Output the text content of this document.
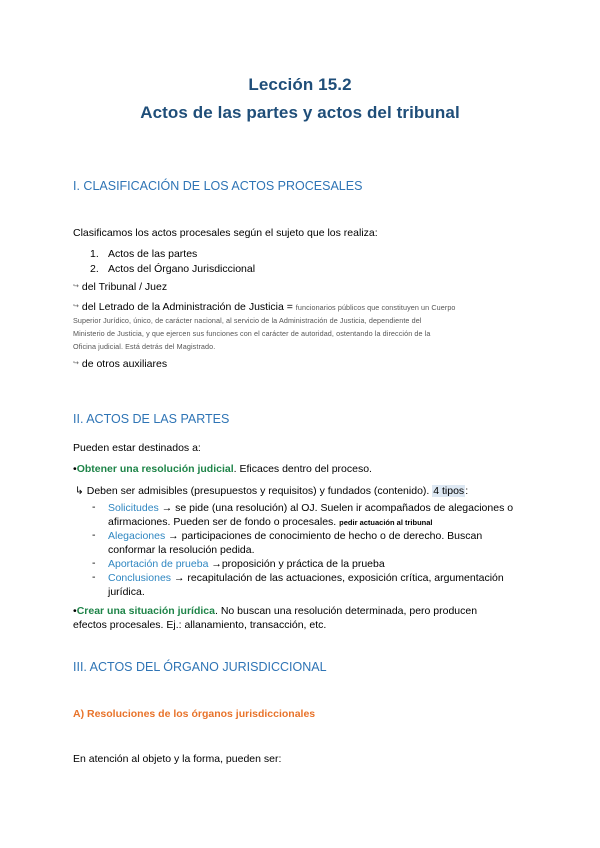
Lección 15.2
Actos de las partes y actos del tribunal
I. CLASIFICACIÓN DE LOS ACTOS PROCESALES
Clasificamos los actos procesales según el sujeto que los realiza:
1. Actos de las partes
2. Actos del Órgano Jurisdiccional
↪ del Tribunal / Juez
↪ del Letrado de la Administración de Justicia = funcionarios públicos que constituyen un Cuerpo
Superior Jurídico, único, de carácter nacional, al servicio de la Administración de Justicia, dependiente del
Ministerio de Justicia, y que ejercen sus funciones con el carácter de autoridad, ostentando la dirección de la
Oficina judicial. Está detrás del Magistrado.
↪ de otros auxiliares
II. ACTOS DE LAS PARTES
Pueden estar destinados a:
•Obtener una resolución judicial. Eficaces dentro del proceso.
↳ Deben ser admisibles (presupuestos y requisitos) y fundados (contenido). 4 tipos:
- Solicitudes → se pide (una resolución) al OJ. Suelen ir acompañados de alegaciones o
afirmaciones. Pueden ser de fondo o procesales. pedir actuación al tribunal
- Alegaciones → participaciones de conocimiento de hecho o de derecho. Buscan
conformar la resolución pedida.
- Aportación de prueba →proposición y práctica de la prueba
- Conclusiones → recapitulación de las actuaciones, exposición crítica, argumentación
jurídica.
•Crear una situación jurídica. No buscan una resolución determinada, pero producen
efectos procesales. Ej.: allanamiento, transacción, etc.
III. ACTOS DEL ÓRGANO JURISDICCIONAL
A) Resoluciones de los órganos jurisdiccionales
En atención al objeto y la forma, pueden ser:
